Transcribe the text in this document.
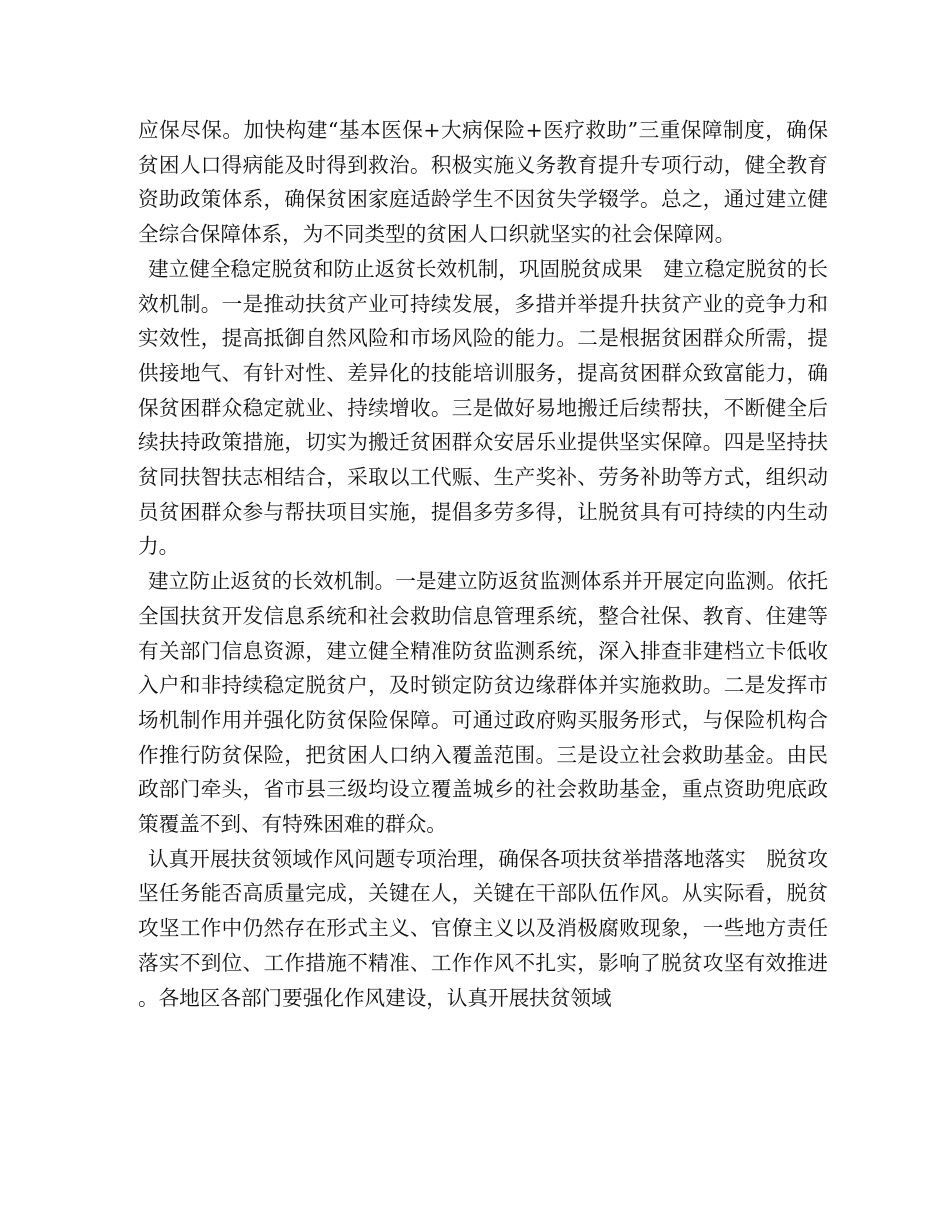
应保尽保。加快构建“基本医保+大病保险+医疗救助”三重保障制度，确保贫困人口得病能及时得到救治。积极实施义务教育提升专项行动，健全教育资助政策体系，确保贫困家庭适龄学生不因贫失学辍学。总之，通过建立健全综合保障体系，为不同类型的贫困人口织就坚实的社会保障网。

建立健全稳定脱贫和防止返贫长效机制，巩固脱贫成果　建立稳定脱贫的长效机制。一是推动扶贫产业可持续发展，多措并举提升扶贫产业的竞争力和实效性，提高抵御自然风险和市场风险的能力。二是根据贫困群众所需，提供接地气、有针对性、差异化的技能培训服务，提高贫困群众致富能力，确保贫困群众稳定就业、持续增收。三是做好易地搬迁后续帮扶，不断健全后续扶持政策措施，切实为搬迁贫困群众安居乐业提供坚实保障。四是坚持扶贫同扶智扶志相结合，采取以工代赈、生产奖补、劳务补助等方式，组织动员贫困群众参与帮扶项目实施，提倡多劳多得，让脱贫具有可持续的内生动力。

建立防止返贫的长效机制。一是建立防返贫监测体系并开展定向监测。依托全国扶贫开发信息系统和社会救助信息管理系统，整合社保、教育、住建等有关部门信息资源，建立健全精准防贫监测系统，深入排查非建档立卡低收入户和非持续稳定脱贫户，及时锁定防贫边缘群体并实施救助。二是发挥市场机制作用并强化防贫保险保障。可通过政府购买服务形式，与保险机构合作推行防贫保险，把贫困人口纳入覆盖范围。三是设立社会救助基金。由民政部门牵头，省市县三级均设立覆盖城乡的社会救助基金，重点资助兜底政策覆盖不到、有特殊困难的群众。

认真开展扶贫领域作风问题专项治理，确保各项扶贫举措落地落实　脱贫攻坚任务能否高质量完成，关键在人，关键在干部队伍作风。从实际看，脱贫攻坚工作中仍然存在形式主义、官僚主义以及消极腐败现象，一些地方责任落实不到位、工作措施不精准、工作作风不扎实，影响了脱贫攻坚有效推进。各地区各部门要强化作风建设，认真开展扶贫领域
